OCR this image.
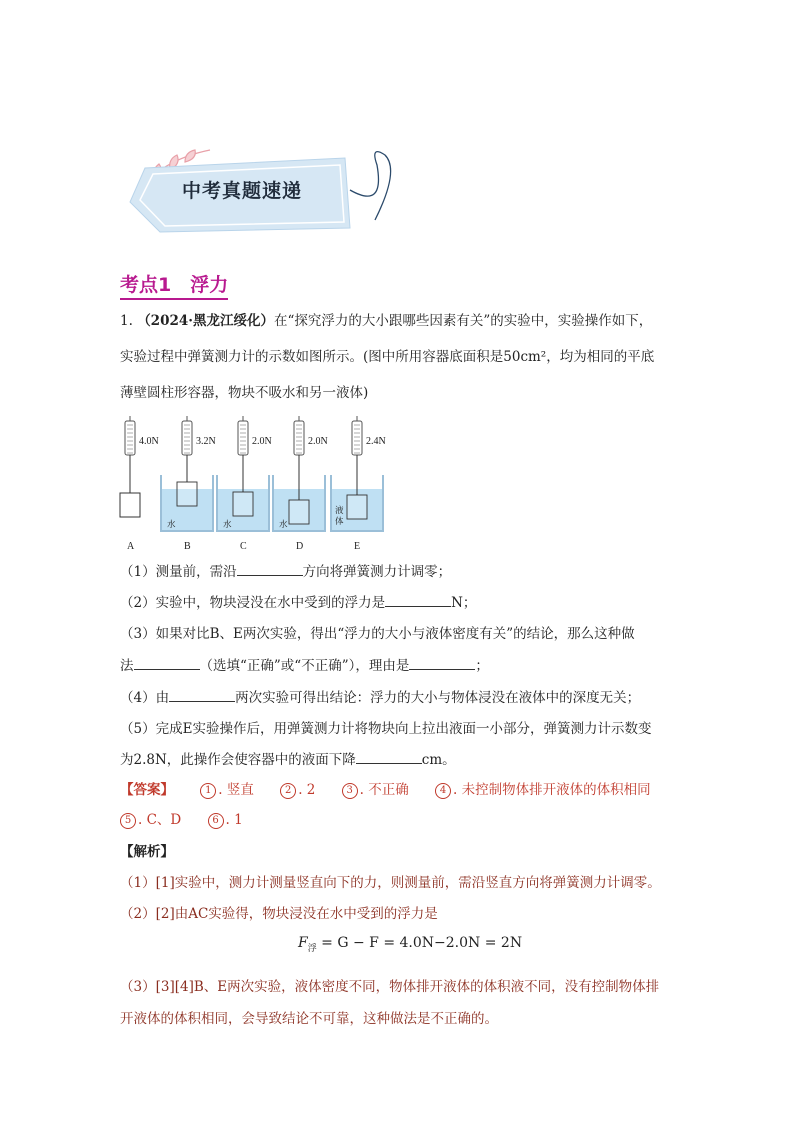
中考真题速递
考点1　浮力
1. （2024·黑龙江绥化）在“探究浮力的大小跟哪些因素有关”的实验中，实验操作如下，
实验过程中弹簧测力计的示数如图所示。(图中所用容器底面积是50cm²，均为相同的平底
薄壁圆柱形容器，物块不吸水和另一液体)
4.0N
A
3.2N
水
B
2.0N
水
C
2.0N
水
D
2.4N
液
体
E
（1）测量前，需沿	方向将弹簧测力计调零；
（2）实验中，物块浸没在水中受到的浮力是	N；
（3）如果对比B、E两次实验，得出“浮力的大小与液体密度有关”的结论，那么这种做
法	（选填“正确”或“不正确”），理由是	；
（4）由	两次实验可得出结论：浮力的大小与物体浸没在液体中的深度无关；
（5）完成E实验操作后，用弹簧测力计将物块向上拉出液面一小部分，弹簧测力计示数变
为2.8N，此操作会使容器中的液面下降	cm。
【答案】	1 . 竖直	2 . 2	3 . 不正确	4 . 未控制物体排开液体的体积相同
5 . C、D	6 . 1
【解析】
（1）[1]实验中，测力计测量竖直向下的力，则测量前，需沿竖直方向将弹簧测力计调零。
（2）[2]由AC实验得，物块浸没在水中受到的浮力是
$F_浮 = G - F = 4.0N-2.0N = 2N$
（3）[3][4]B、E两次实验，液体密度不同，物体排开液体的体积液不同，没有控制物体排
开液体的体积相同，会导致结论不可靠，这种做法是不正确的。
